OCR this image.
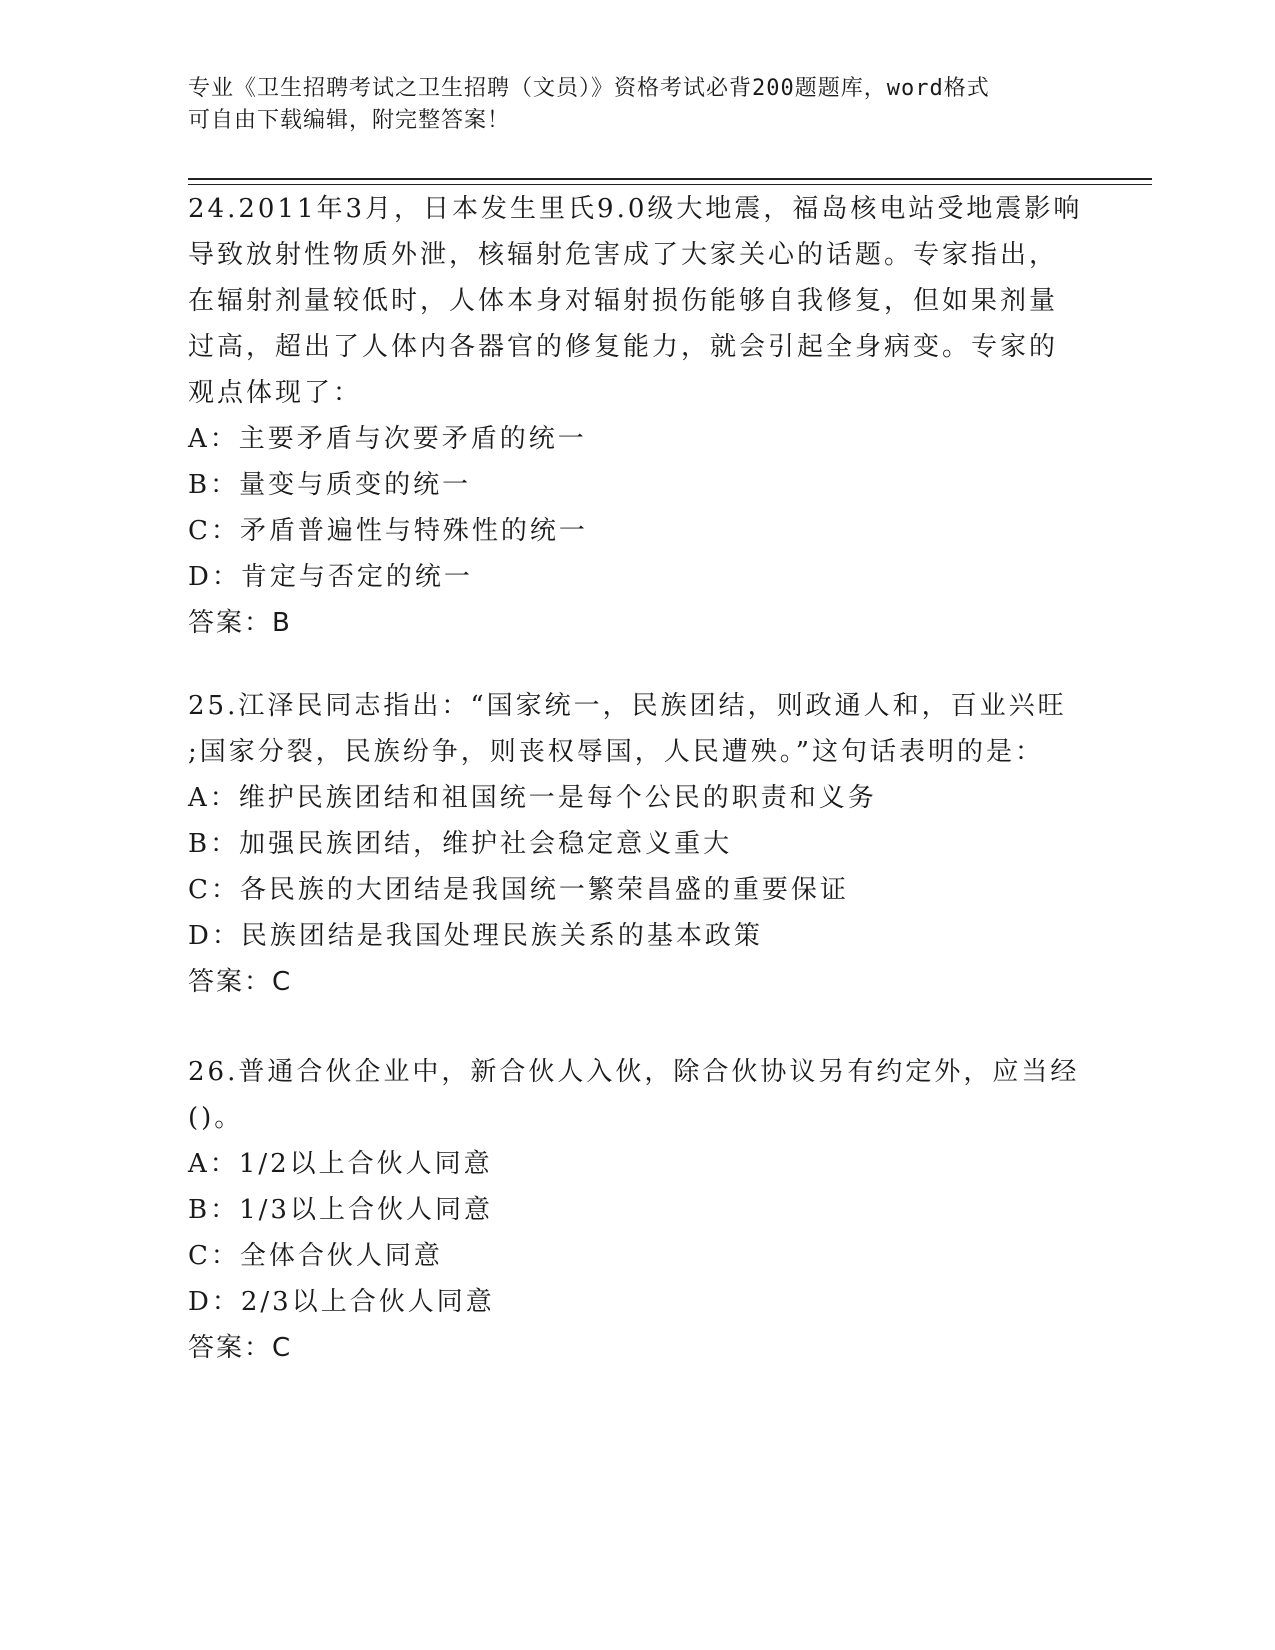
专业《卫生招聘考试之卫生招聘（文员）》资格考试必背200题题库，word格式
可自由下载编辑，附完整答案！
24.2011年3月，日本发生里氏9.0级大地震，福岛核电站受地震影响
导致放射性物质外泄，核辐射危害成了大家关心的话题。专家指出，
在辐射剂量较低时，人体本身对辐射损伤能够自我修复，但如果剂量
过高，超出了人体内各器官的修复能力，就会引起全身病变。专家的
观点体现了：
A：主要矛盾与次要矛盾的统一
B：量变与质变的统一
C：矛盾普遍性与特殊性的统一
D：肯定与否定的统一
答案：B
25.江泽民同志指出：“国家统一，民族团结，则政通人和，百业兴旺
;国家分裂，民族纷争，则丧权辱国，人民遭殃。”这句话表明的是：
A：维护民族团结和祖国统一是每个公民的职责和义务
B：加强民族团结，维护社会稳定意义重大
C：各民族的大团结是我国统一繁荣昌盛的重要保证
D：民族团结是我国处理民族关系的基本政策
答案：C
26.普通合伙企业中，新合伙人入伙，除合伙协议另有约定外，应当经
()。
A：1/2以上合伙人同意
B：1/3以上合伙人同意
C：全体合伙人同意
D：2/3以上合伙人同意
答案：C
